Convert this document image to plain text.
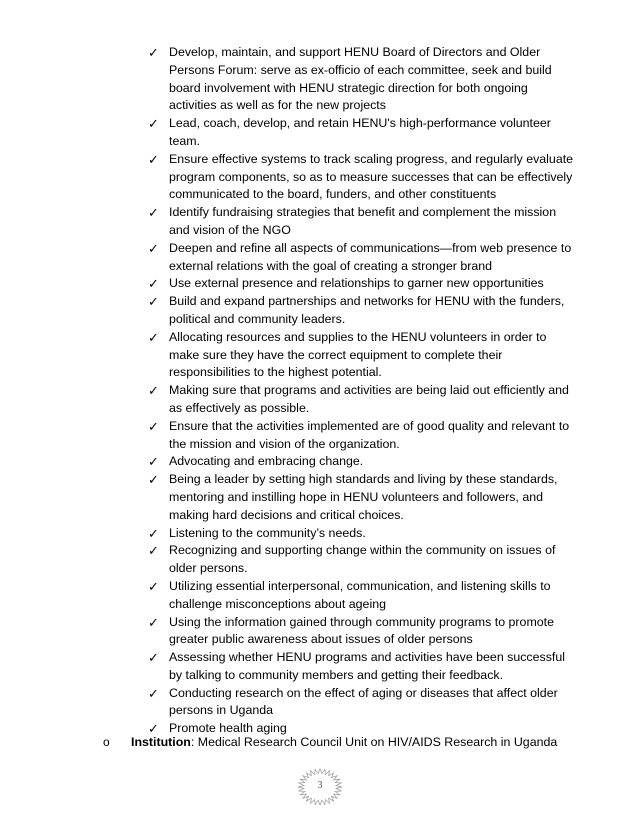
✓ Develop, maintain, and support HENU Board of Directors and Older Persons Forum: serve as ex-officio of each committee, seek and build board involvement with HENU strategic direction for both ongoing activities as well as for the new projects
✓ Lead, coach, develop, and retain HENU's high-performance volunteer team.
✓ Ensure effective systems to track scaling progress, and regularly evaluate program components, so as to measure successes that can be effectively communicated to the board, funders, and other constituents
✓ Identify fundraising strategies that benefit and complement the mission and vision of the NGO
✓ Deepen and refine all aspects of communications—from web presence to external relations with the goal of creating a stronger brand
✓ Use external presence and relationships to garner new opportunities
✓ Build and expand partnerships and networks for HENU with the funders, political and community leaders.
✓ Allocating resources and supplies to the HENU volunteers in order to make sure they have the correct equipment to complete their responsibilities to the highest potential.
✓ Making sure that programs and activities are being laid out efficiently and as effectively as possible.
✓ Ensure that the activities implemented are of good quality and relevant to the mission and vision of the organization.
✓ Advocating and embracing change.
✓ Being a leader by setting high standards and living by these standards, mentoring and instilling hope in HENU volunteers and followers, and making hard decisions and critical choices.
✓ Listening to the community’s needs.
✓ Recognizing and supporting change within the community on issues of older persons.
✓ Utilizing essential interpersonal, communication, and listening skills to challenge misconceptions about ageing
✓ Using the information gained through community programs to promote greater public awareness about issues of older persons
✓ Assessing whether HENU programs and activities have been successful by talking to community members and getting their feedback.
✓ Conducting research on the effect of aging or diseases that affect older persons in Uganda
✓ Promote health aging
o Institution: Medical Research Council Unit on HIV/AIDS Research in Uganda
3
